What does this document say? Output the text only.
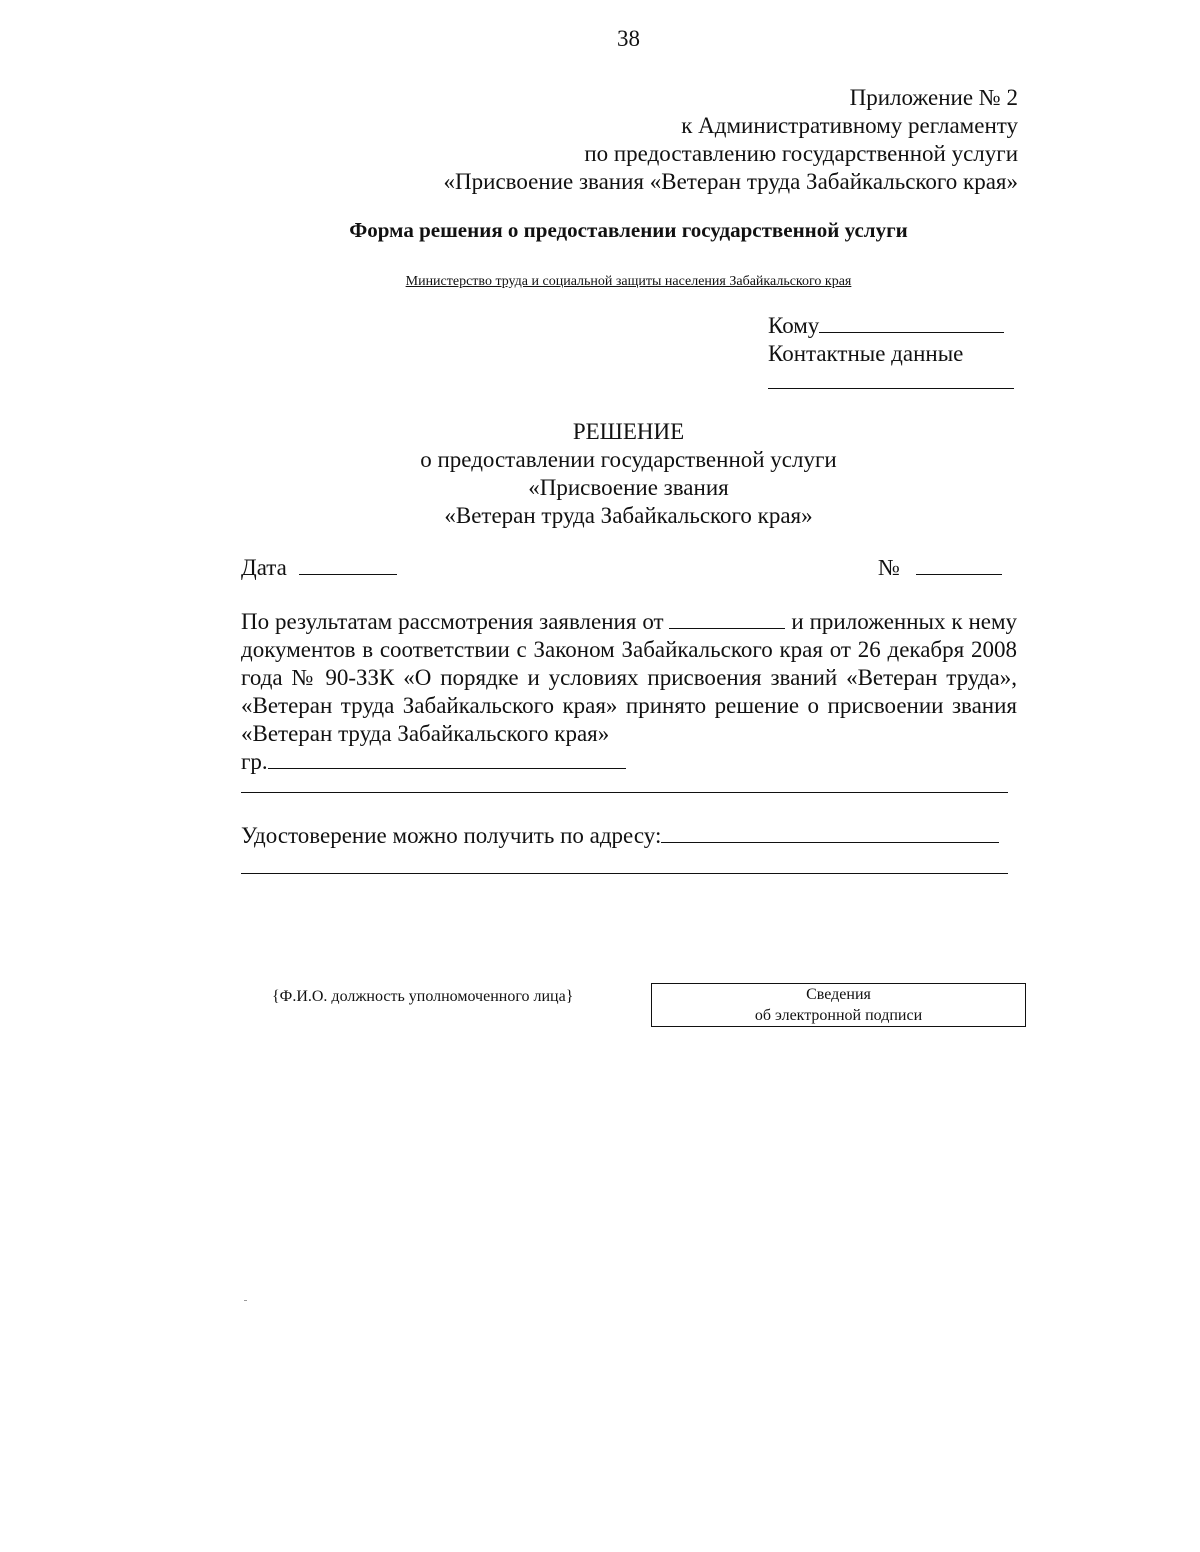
38
Приложение № 2
к Административному регламенту
по предоставлению государственной услуги
«Присвоение звания «Ветеран труда Забайкальского края»
Форма решения о предоставлении государственной услуги
Министерство труда и социальной защиты населения Забайкальского края
Кому
Контактные данные
РЕШЕНИЕ
о предоставлении государственной услуги
«Присвоение звания
«Ветеран труда Забайкальского края»
Дата	№

По результатам рассмотрения заявления от	и приложенных к нему документов в соответствии с Законом Забайкальского края от 26 декабря 2008 года № 90-ЗЗК «О порядке и условиях присвоения званий «Ветеран труда», «Ветеран труда Забайкальского края» принято решение о присвоении звания «Ветеран труда Забайкальского края»

гр.
Удостоверение можно получить по адресу:
{Ф.И.О. должность уполномоченного лица}	Сведения
об электронной подписи
